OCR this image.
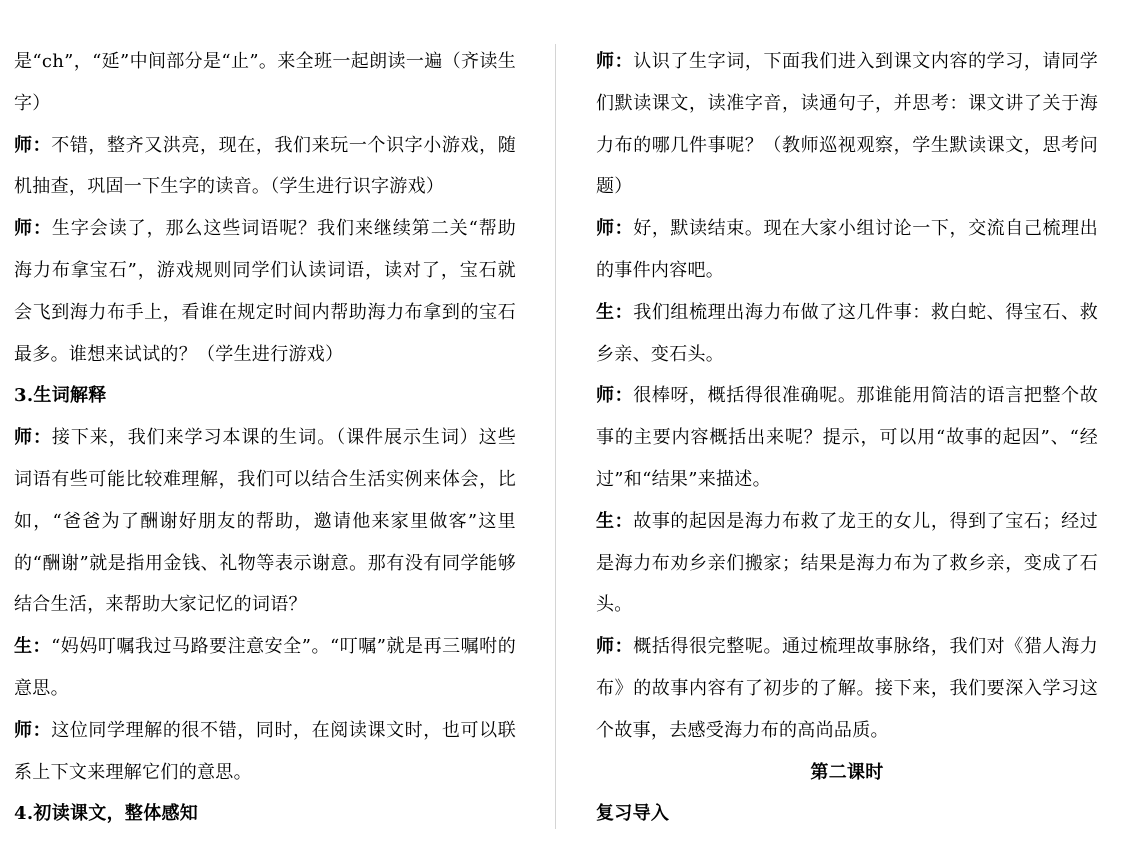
是“ch”，“延”中间部分是“止”。来全班一起朗读一遍（齐读生字）

师：不错，整齐又洪亮，现在，我们来玩一个识字小游戏，随机抽查，巩固一下生字的读音。（学生进行识字游戏）

师：生字会读了，那么这些词语呢？我们来继续第二关“帮助海力布拿宝石”，游戏规则同学们认读词语，读对了，宝石就会飞到海力布手上，看谁在规定时间内帮助海力布拿到的宝石最多。谁想来试试的？（学生进行游戏）

3.生词解释

师：接下来，我们来学习本课的生词。（课件展示生词）这些词语有些可能比较难理解，我们可以结合生活实例来体会，比如，“爸爸为了酬谢好朋友的帮助，邀请他来家里做客”这里的“酬谢”就是指用金钱、礼物等表示谢意。那有没有同学能够结合生活，来帮助大家记忆的词语？

生：“妈妈叮嘱我过马路要注意安全”。“叮嘱”就是再三嘱咐的意思。

师：这位同学理解的很不错，同时，在阅读课文时，也可以联系上下文来理解它们的意思。

4.初读课文，整体感知

师：认识了生字词，下面我们进入到课文内容的学习，请同学们默读课文，读准字音，读通句子，并思考：课文讲了关于海力布的哪几件事呢？（教师巡视观察，学生默读课文，思考问题）

师：好，默读结束。现在大家小组讨论一下，交流自己梳理出的事件内容吧。

生：我们组梳理出海力布做了这几件事：救白蛇、得宝石、救乡亲、变石头。

师：很棒呀，概括得很准确呢。那谁能用简洁的语言把整个故事的主要内容概括出来呢？提示，可以用“故事的起因”、“经过”和“结果”来描述。

生：故事的起因是海力布救了龙王的女儿，得到了宝石；经过是海力布劝乡亲们搬家；结果是海力布为了救乡亲，变成了石头。

师：概括得很完整呢。通过梳理故事脉络，我们对《猎人海力布》的故事内容有了初步的了解。接下来，我们要深入学习这个故事，去感受海力布的高尚品质。

第二课时

复习导入
